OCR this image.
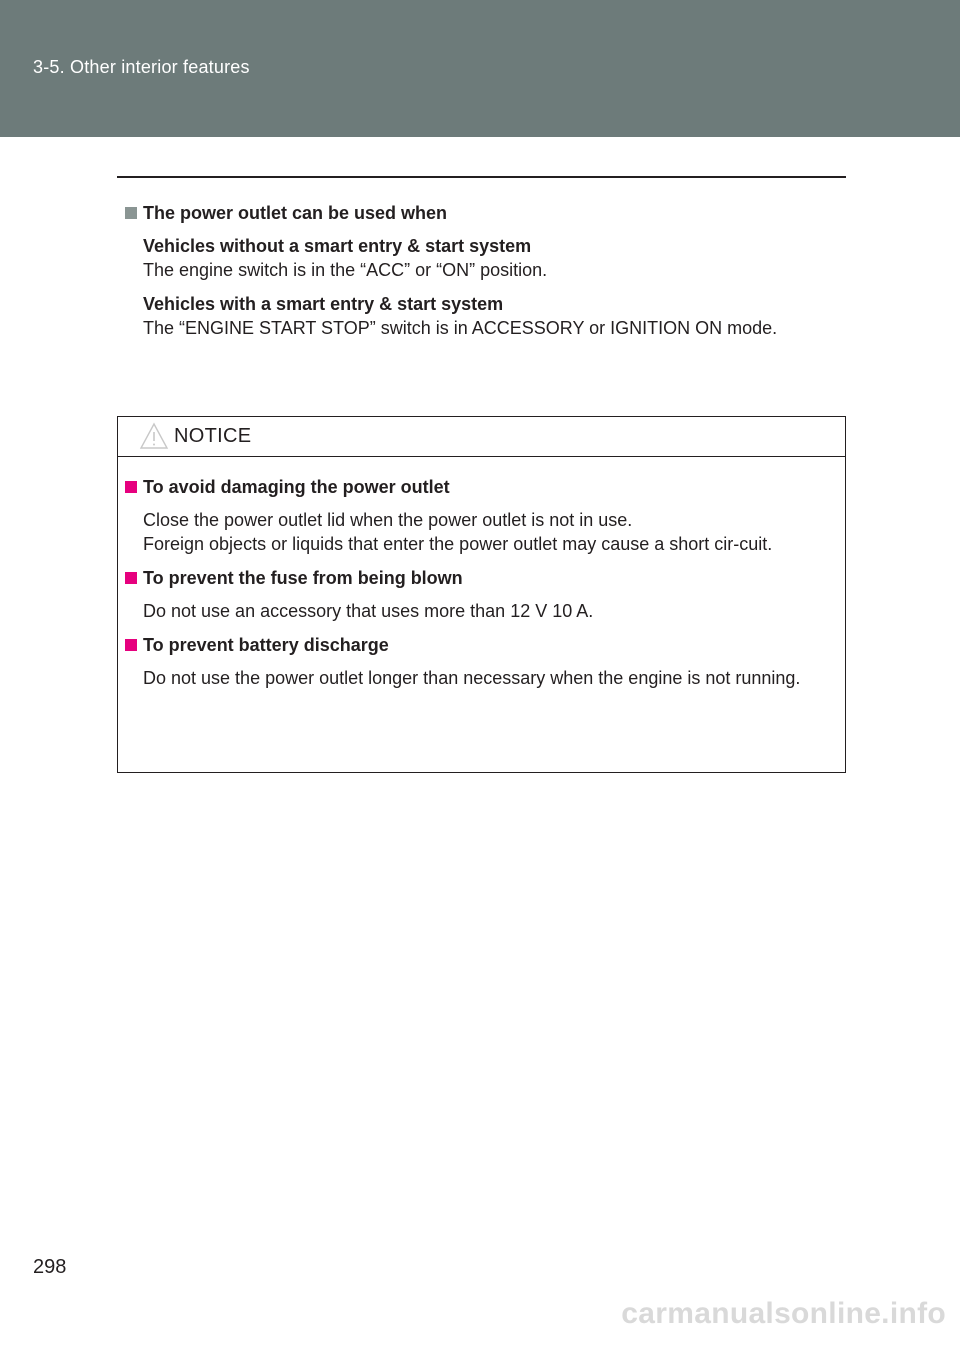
3-5. Other interior features
The power outlet can be used when
Vehicles without a smart entry & start system
The engine switch is in the “ACC” or “ON” position.
Vehicles with a smart entry & start system
The “ENGINE START STOP” switch is in ACCESSORY or IGNITION ON mode.
NOTICE
To avoid damaging the power outlet
Close the power outlet lid when the power outlet is not in use.
Foreign objects or liquids that enter the power outlet may cause a short cir-cuit.
To prevent the fuse from being blown
Do not use an accessory that uses more than 12 V 10 A.
To prevent battery discharge
Do not use the power outlet longer than necessary when the engine is not running.
298
carmanualsonline.info
